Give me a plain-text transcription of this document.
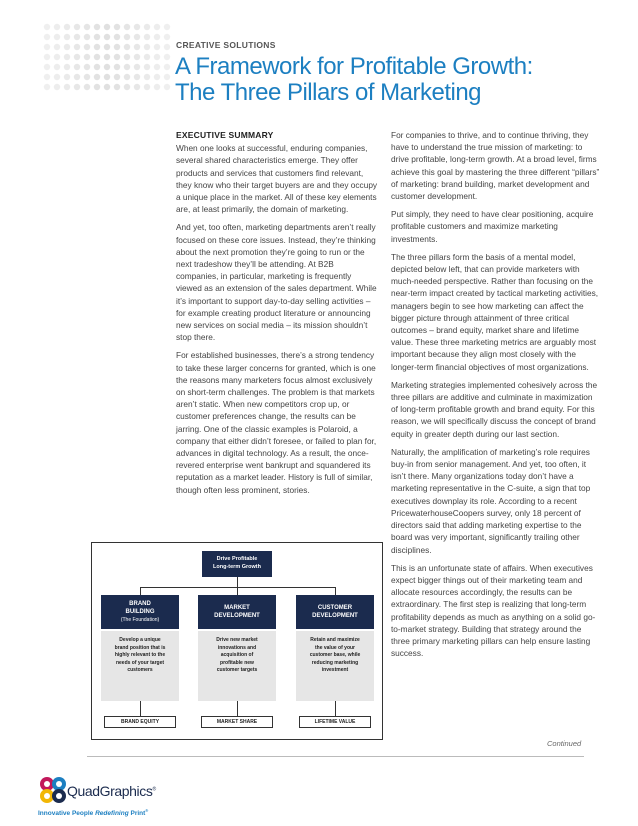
CREATIVE SOLUTIONS
A Framework for Profitable Growth:
The Three Pillars of Marketing
EXECUTIVE SUMMARY

When one looks at successful, enduring companies, several shared characteristics emerge. They offer products and services that customers find relevant, they know who their target buyers are and they occupy a unique place in the market. All of these key elements are, at least primarily, the domain of marketing.

And yet, too often, marketing departments aren’t really focused on these core issues. Instead, they’re thinking about the next promotion they’re going to run or the next tradeshow they’ll be attending. At B2B companies, in particular, marketing is frequently viewed as an extension of the sales department. While it’s important to support day-to-day selling activities – for example creating product literature or announcing new services on social media – its mission shouldn’t stop there.

For established businesses, there’s a strong tendency to take these larger concerns for granted, which is one the reasons many marketers focus almost exclusively on short-term challenges. The problem is that markets aren’t static. When new competitors crop up, or customer preferences change, the results can be jarring. One of the classic examples is Polaroid, a company that either didn’t foresee, or failed to plan for, advances in digital technology. As a result, the once-revered enterprise went bankrupt and squandered its reputation as a market leader. History is full of similar, though often less prominent, stories.

For companies to thrive, and to continue thriving, they have to understand the true mission of marketing: to drive profitable, long-term growth. At a broad level, firms achieve this goal by mastering the three different “pillars” of marketing: brand building, market development and customer development.

Put simply, they need to have clear positioning, acquire profitable customers and maximize marketing investments.

The three pillars form the basis of a mental model, depicted below left, that can provide marketers with much-needed perspective. Rather than focusing on the near-term impact created by tactical marketing activities, managers begin to see how marketing can affect the bigger picture through attainment of three critical outcomes – brand equity, market share and lifetime value. These three marketing metrics are arguably most important because they align most closely with the longer-term financial objectives of most organizations.

Marketing strategies implemented cohesively across the three pillars are additive and culminate in maximization of long-term profitable growth and brand equity. For this reason, we will specifically discuss the concept of brand equity in greater depth during our last section.

Naturally, the amplification of marketing’s role requires buy-in from senior management. And yet, too often, it isn’t there. Many organizations today don’t have a marketing representative in the C-suite, a sign that top executives downplay its role. According to a recent PricewaterhouseCoopers survey, only 18 percent of directors said that adding marketing expertise to the board was very important, significantly trailing other disciplines.

This is an unfortunate state of affairs. When executives expect bigger things out of their marketing team and allocate resources accordingly, the results can be extraordinary. The first step is realizing that long-term profitability depends as much as anything on a solid go-to-market strategy. Building that strategy around the three primary marketing pillars can help ensure lasting success.

Drive Profitable
Long-term Growth
BRAND
BUILDING
(The Foundation)
MARKET
DEVELOPMENT
CUSTOMER
DEVELOPMENT
Develop a unique
brand position that is
highly relevant to the
needs of your target
customers
Drive new market
innovations and
acquisition of
profitable new
customer targets
Retain and maximize
the value of your
customer base, while
reducing marketing
investment
BRAND EQUITY	MARKET SHARE	LIFETIME VALUE
Continued
QuadGraphics®
Innovative People Redefining Print®
